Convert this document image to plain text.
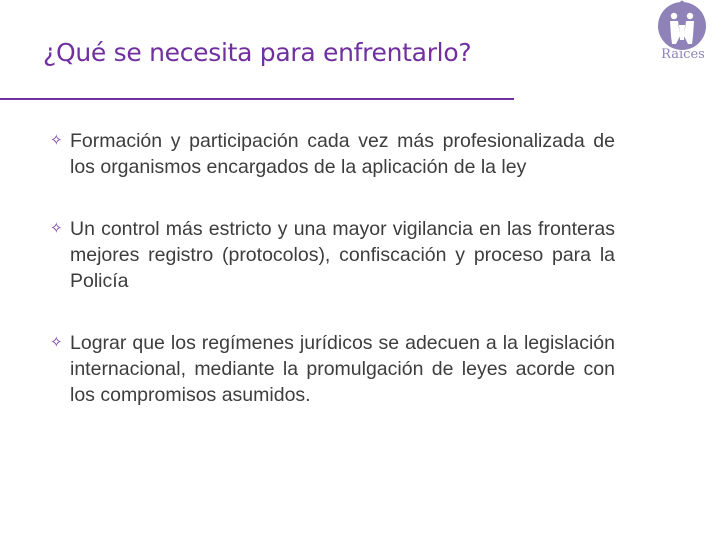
¿Qué se necesita para enfrentarlo?	Raíces
✧ Formación y participación cada vez más profesionalizada de los organismos encargados de la aplicación de la ley
✧ Un control más estricto y una mayor vigilancia en las fronteras mejores registro (protocolos), confiscación y proceso para la Policía
✧ Lograr que los regímenes jurídicos se adecuen a la legislación internacional, mediante la promulgación de leyes acorde con los compromisos asumidos.
